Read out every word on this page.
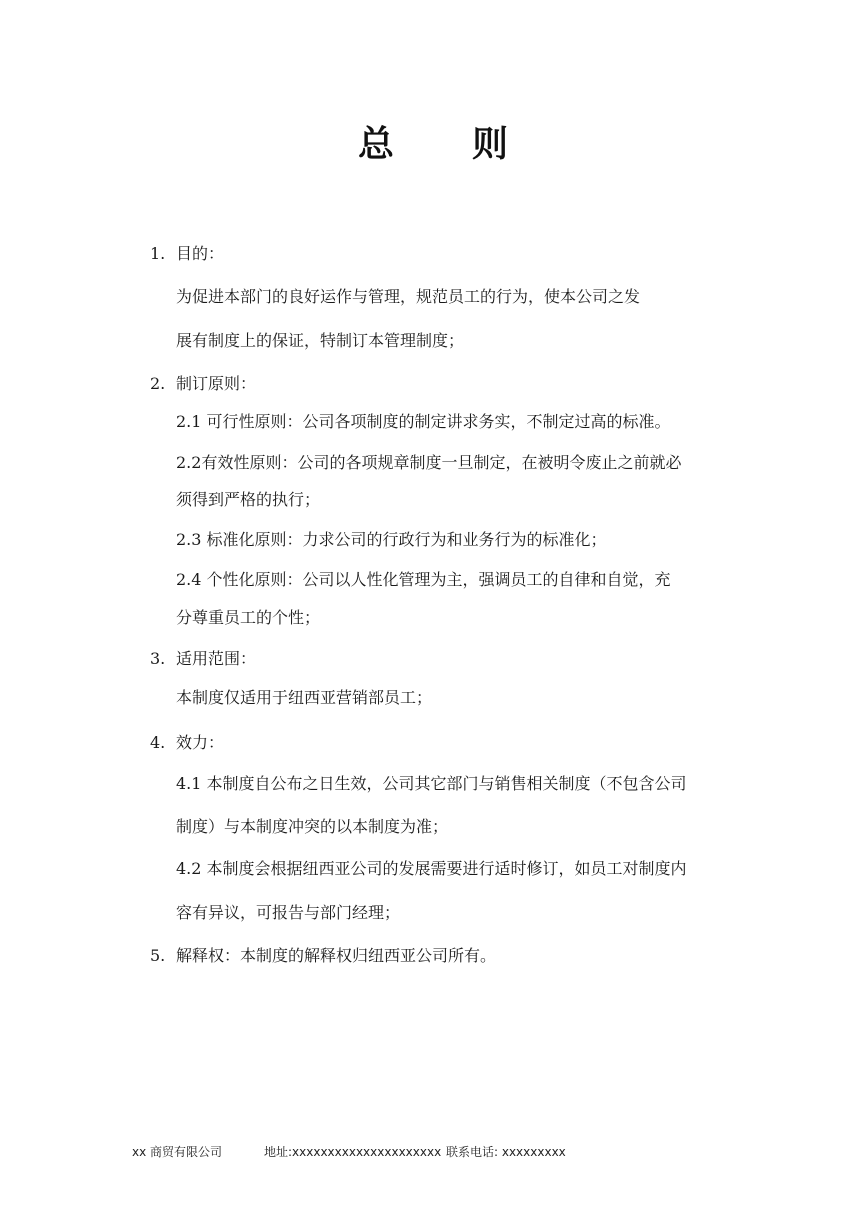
总　　则
1. 目的：
为促进本部门的良好运作与管理，规范员工的行为，使本公司之发
展有制度上的保证，特制订本管理制度；
2. 制订原则：
2.1 可行性原则：公司各项制度的制定讲求务实，不制定过高的标准。
2.2有效性原则：公司的各项规章制度一旦制定，在被明令废止之前就必
须得到严格的执行；
2.3 标准化原则：力求公司的行政行为和业务行为的标准化；
2.4 个性化原则：公司以人性化管理为主，强调员工的自律和自觉，充
分尊重员工的个性；
3. 适用范围：
本制度仅适用于纽西亚营销部员工；
4. 效力：
4.1 本制度自公布之日生效，公司其它部门与销售相关制度（不包含公司
制度）与本制度冲突的以本制度为准；
4.2 本制度会根据纽西亚公司的发展需要进行适时修订，如员工对制度内
容有异议，可报告与部门经理；
5. 解释权：本制度的解释权归纽西亚公司所有。
xx 商贸有限公司	地址:xxxxxxxxxxxxxxxxxxxxx 联系电话: xxxxxxxxx
